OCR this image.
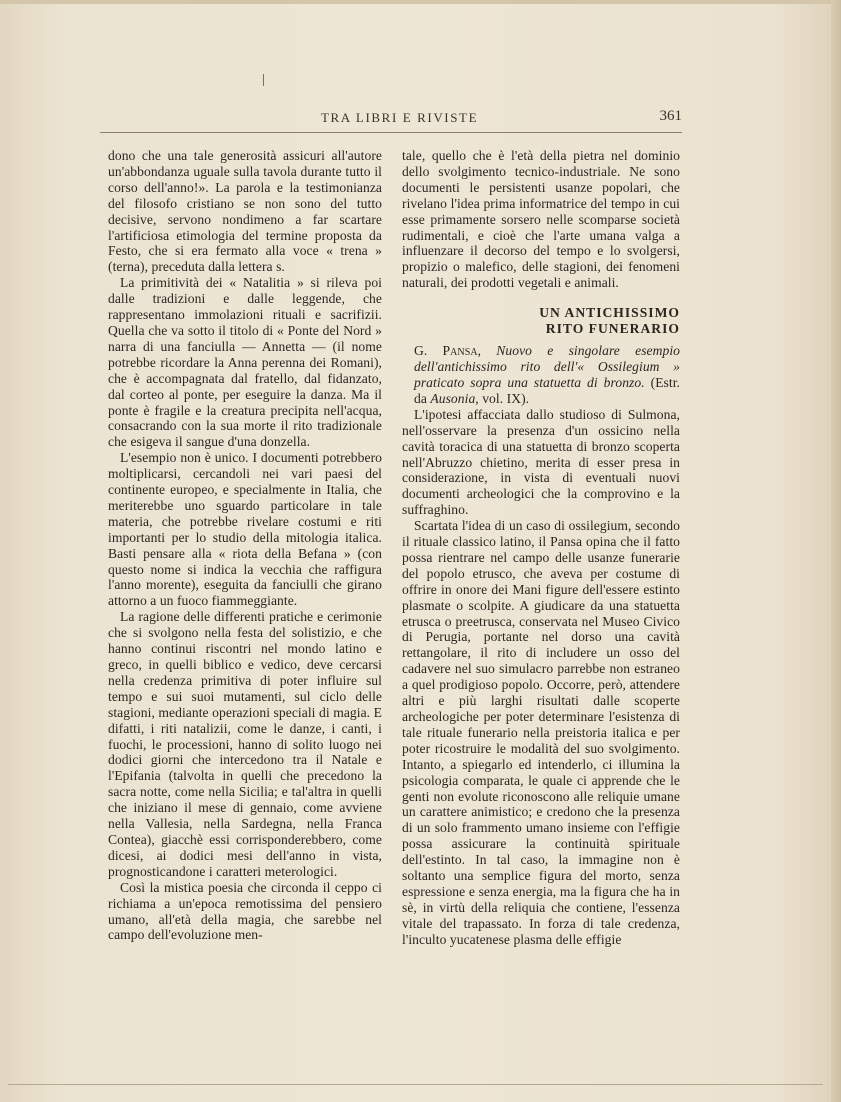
TRA LIBRI E RIVISTE	361

dono che una tale generosità assicuri all'autore un'abbondanza uguale sulla tavola durante tutto il corso dell'anno!». La parola e la testimonianza del filosofo cristiano se non sono del tutto decisive, servono nondimeno a far scartare l'artificiosa etimologia del termine proposta da Festo, che si era fermato alla voce « trena » (terna), preceduta dalla lettera s.

La primitività dei « Natalitia » si rileva poi dalle tradizioni e dalle leggende, che rappresentano immolazioni rituali e sacrifizii. Quella che va sotto il titolo di « Ponte del Nord » narra di una fanciulla — Annetta — (il nome potrebbe ricordare la Anna perenna dei Romani), che è accompagnata dal fratello, dal fidanzato, dal corteo al ponte, per eseguire la danza. Ma il ponte è fragile e la creatura precipita nell'acqua, consacrando con la sua morte il rito tradizionale che esigeva il sangue d'una donzella.

L'esempio non è unico. I documenti potrebbero moltiplicarsi, cercandoli nei vari paesi del continente europeo, e specialmente in Italia, che meriterebbe uno sguardo particolare in tale materia, che potrebbe rivelare costumi e riti importanti per lo studio della mitologia italica. Basti pensare alla « riota della Befana » (con questo nome si indica la vecchia che raffigura l'anno morente), eseguita da fanciulli che girano attorno a un fuoco fiammeggiante.

La ragione delle differenti pratiche e cerimonie che si svolgono nella festa del solistizio, e che hanno continui riscontri nel mondo latino e greco, in quelli biblico e vedico, deve cercarsi nella credenza primitiva di poter influire sul tempo e sui suoi mutamenti, sul ciclo delle stagioni, mediante operazioni speciali di magia. E difatti, i riti natalizii, come le danze, i canti, i fuochi, le processioni, hanno di solito luogo nei dodici giorni che intercedono tra il Natale e l'Epifania (talvolta in quelli che precedono la sacra notte, come nella Sicilia; e tal'altra in quelli che iniziano il mese di gennaio, come avviene nella Vallesia, nella Sardegna, nella Franca Contea), giacchè essi corrisponderebbero, come dicesi, ai dodici mesi dell'anno in vista, prognosticandone i caratteri meterologici.

Così la mistica poesia che circonda il ceppo ci richiama a un'epoca remotissima del pensiero umano, all'età della magia, che sarebbe nel campo dell'evoluzione men-

tale, quello che è l'età della pietra nel dominio dello svolgimento tecnico-industriale. Ne sono documenti le persistenti usanze popolari, che rivelano l'idea prima informatrice del tempo in cui esse primamente sorsero nelle scomparse società rudimentali, e cioè che l'arte umana valga a influenzare il decorso del tempo e lo svolgersi, propizio o malefico, delle stagioni, dei fenomeni naturali, dei prodotti vegetali e animali.

UN ANTICHISSIMO
RITO FUNERARIO

G. Pansa, Nuovo e singolare esempio dell'antichissimo rito dell'« Ossilegium » praticato sopra una statuetta di bronzo. (Estr. da Ausonia, vol. IX).

L'ipotesi affacciata dallo studioso di Sulmona, nell'osservare la presenza d'un ossicino nella cavità toracica di una statuetta di bronzo scoperta nell'Abruzzo chietino, merita di esser presa in considerazione, in vista di eventuali nuovi documenti archeologici che la comprovino e la suffraghino.

Scartata l'idea di un caso di ossilegium, secondo il rituale classico latino, il Pansa opina che il fatto possa rientrare nel campo delle usanze funerarie del popolo etrusco, che aveva per costume di offrire in onore dei Mani figure dell'essere estinto plasmate o scolpite. A giudicare da una statuetta etrusca o preetrusca, conservata nel Museo Civico di Perugia, portante nel dorso una cavità rettangolare, il rito di includere un osso del cadavere nel suo simulacro parrebbe non estraneo a quel prodigioso popolo. Occorre, però, attendere altri e più larghi risultati dalle scoperte archeologiche per poter determinare l'esistenza di tale rituale funerario nella preistoria italica e per poter ricostruire le modalità del suo svolgimento. Intanto, a spiegarlo ed intenderlo, ci illumina la psicologia comparata, le quale ci apprende che le genti non evolute riconoscono alle reliquie umane un carattere animistico; e credono che la presenza di un solo frammento umano insieme con l'effigie possa assicurare la continuità spirituale dell'estinto. In tal caso, la immagine non è soltanto una semplice figura del morto, senza espressione e senza energia, ma la figura che ha in sè, in virtù della reliquia che contiene, l'essenza vitale del trapassato. In forza di tale credenza, l'inculto yucatenese plasma delle effigie
